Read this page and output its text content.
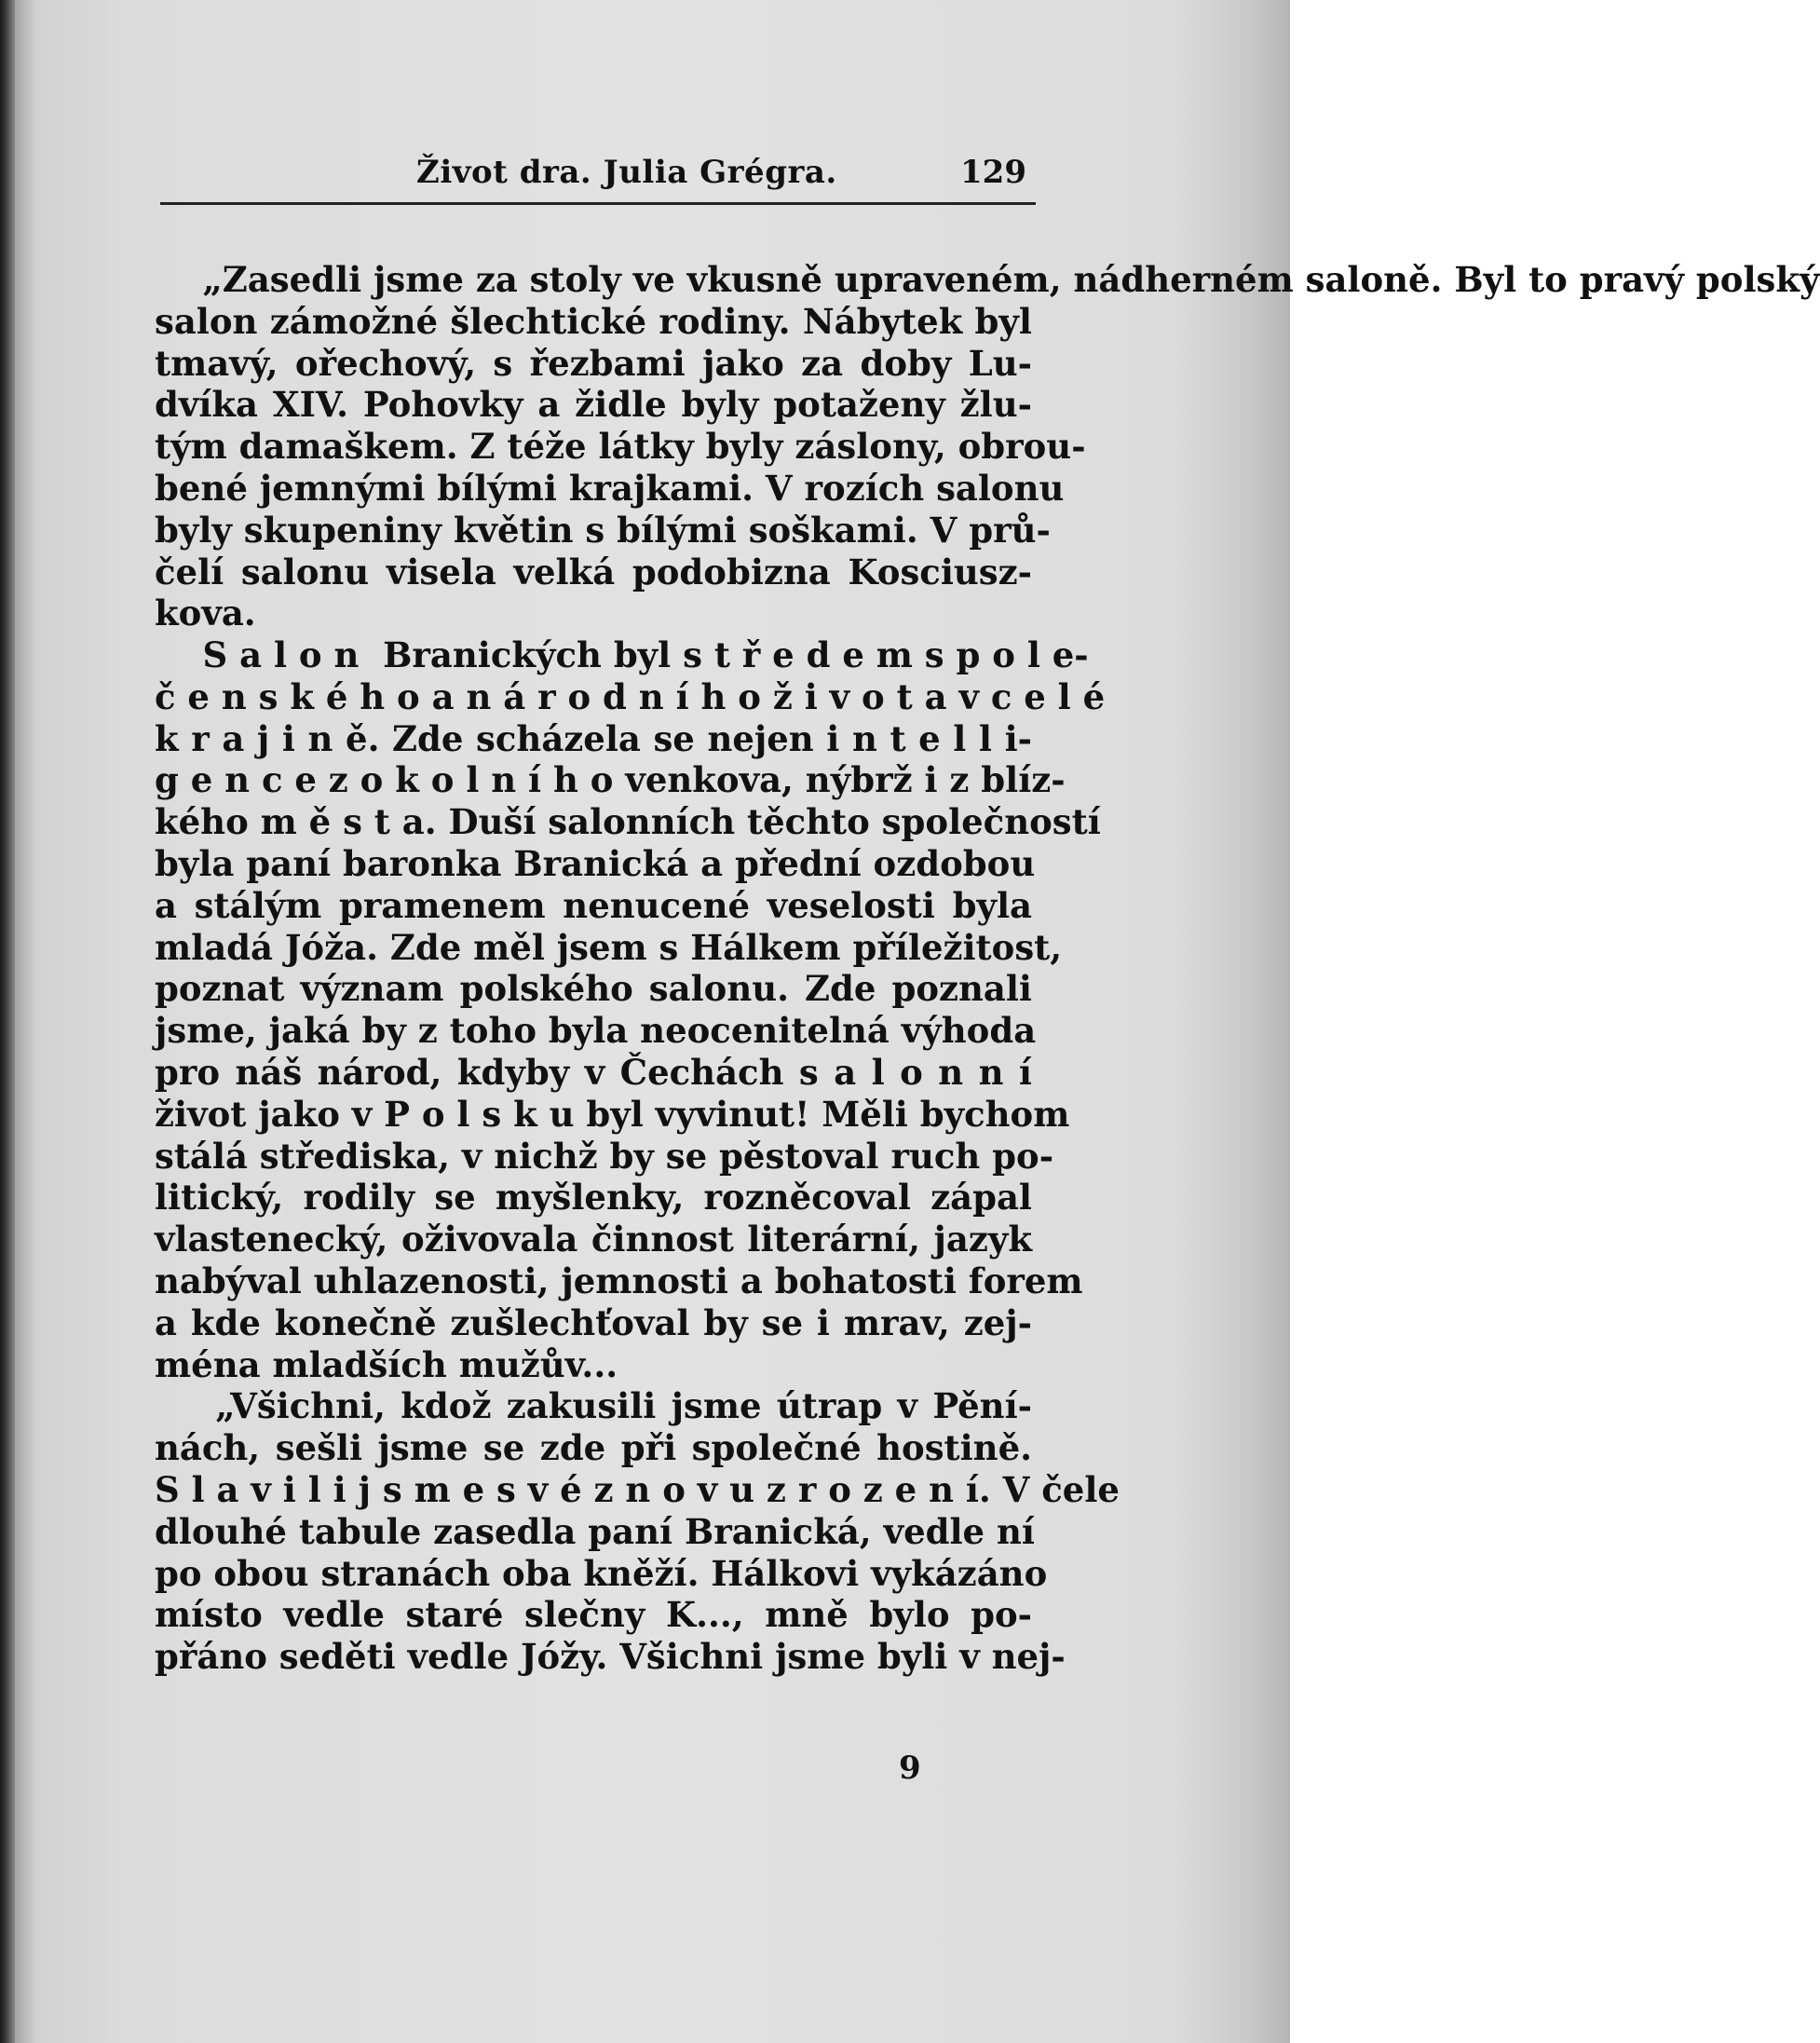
Život dra. Julia Grégra.	129
„Zasedli jsme za stoly ve vkusně upraveném, nádherném saloně. Byl to pravý polský
salon zámožné šlechtické rodiny. Nábytek byl
tmavý, ořechový, s řezbami jako za doby Lu-
dvíka XIV. Pohovky a židle byly potaženy žlu-
tým damaškem. Z téže látky byly záslony, obrou-
bené jemnými bílými krajkami. V rozích salonu
byly skupeniny květin s bílými soškami. V prů-
čelí salonu visela velká podobizna Kosciusz-
kova.
S a l o n  Branických byl s t ř e d e m s p o l e-
č e n s k é h o a n á r o d n í h o ž i v o t a v c e l é
k r a j i n ě. Zde scházela se nejen i n t e l l i-
g e n c e z o k o l n í h o venkova, nýbrž i z blíz-
kého m ě s t a. Duší salonních těchto společností
byla paní baronka Branická a přední ozdobou
a stálým pramenem nenucené veselosti byla
mladá Jóža. Zde měl jsem s Hálkem příležitost,
poznat význam polského salonu. Zde poznali
jsme, jaká by z toho byla neocenitelná výhoda
pro náš národ, kdyby v Čechách s a l o n n í
život jako v P o l s k u byl vyvinut! Měli bychom
stálá střediska, v nichž by se pěstoval ruch po-
litický, rodily se myšlenky, rozněcoval zápal
vlastenecký, oživovala činnost literární, jazyk
nabýval uhlazenosti, jemnosti a bohatosti forem
a kde konečně zušlechťoval by se i mrav, zej-
ména mladších mužův...
„Všichni, kdož zakusili jsme útrap v Pění-
nách, sešli jsme se zde při společné hostině.
S l a v i l i j s m e s v é z n o v u z r o z e n í. V čele
dlouhé tabule zasedla paní Branická, vedle ní
po obou stranách oba kněží. Hálkovi vykázáno
místo vedle staré slečny K..., mně bylo po-
přáno seděti vedle Jóžy. Všichni jsme byli v nej-
9
